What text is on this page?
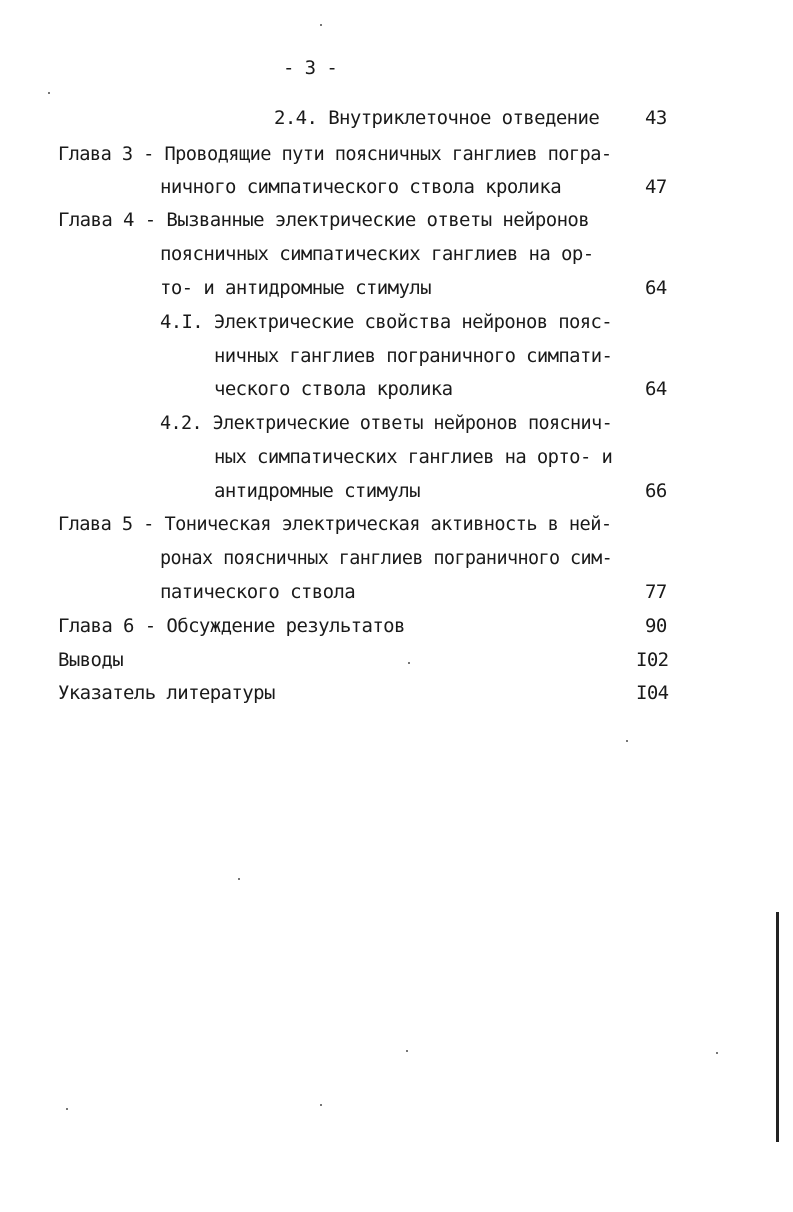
- 3 -
2.4. Внутриклеточное отведение 43
Глава 3 - Проводящие пути поясничных ганглиев погра-
ничного симпатического ствола кролика	47
Глава 4 - Вызванные электрические ответы нейронов
поясничных симпатических ганглиев на ор-
то- и антидромные стимулы	64
4.I. Электрические свойства нейронов пояс-
ничных ганглиев пограничного симпати-
ческого ствола кролика	64
4.2. Электрические ответы нейронов пояснич-
ных симпатических ганглиев на орто- и
антидромные стимулы	66
Глава 5 - Тоническая электрическая активность в ней-
ронах поясничных ганглиев пограничного сим-
патического ствола	77
Глава 6 - Обсуждение результатов	90
Выводы	I02
Указатель литературы	I04
